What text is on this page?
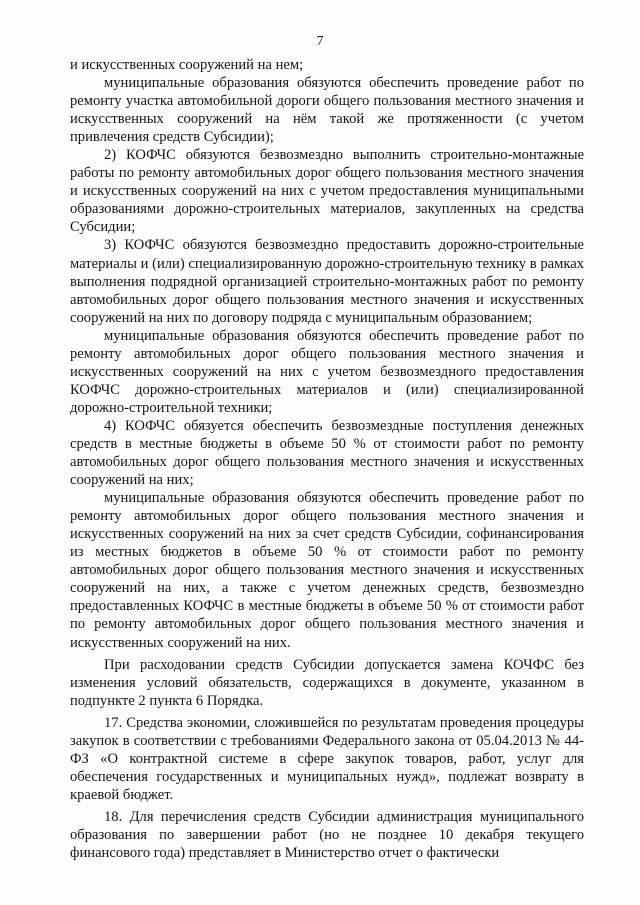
7

и искусственных сооружений на нем;

муниципальные образования обязуются обеспечить проведение работ по ремонту участка автомобильной дороги общего пользования местного значения и искусственных сооружений на нём такой же протяженности (с учетом привлечения средств Субсидии);

2) КОФЧС обязуются безвозмездно выполнить строительно-монтажные работы по ремонту автомобильных дорог общего пользования местного значения и искусственных сооружений на них с учетом предоставления муниципальными образованиями дорожно-строительных материалов, закупленных на средства Субсидии;

3) КОФЧС обязуются безвозмездно предоставить дорожно-строительные материалы и (или) специализированную дорожно-строительную технику в рамках выполнения подрядной организацией строительно-монтажных работ по ремонту автомобильных дорог общего пользования местного значения и искусственных сооружений на них по договору подряда с муниципальным образованием;

муниципальные образования обязуются обеспечить проведение работ по ремонту автомобильных дорог общего пользования местного значения и искусственных сооружений на них с учетом безвозмездного предоставления КОФЧС дорожно-строительных материалов и (или) специализированной дорожно-строительной техники;

4) КОФЧС обязуется обеспечить безвозмездные поступления денежных средств в местные бюджеты в объеме 50 % от стоимости работ по ремонту автомобильных дорог общего пользования местного значения и искусственных сооружений на них;

муниципальные образования обязуются обеспечить проведение работ по ремонту автомобильных дорог общего пользования местного значения и искусственных сооружений на них за счет средств Субсидии, софинансирования из местных бюджетов в объеме 50 % от стоимости работ по ремонту автомобильных дорог общего пользования местного значения и искусственных сооружений на них, а также с учетом денежных средств, безвозмездно предоставленных КОФЧС в местные бюджеты в объеме 50 % от стоимости работ по ремонту автомобильных дорог общего пользования местного значения и искусственных сооружений на них.

При расходовании средств Субсидии допускается замена КОЧФС без изменения условий обязательств, содержащихся в документе, указанном в подпункте 2 пункта 6 Порядка.

17. Средства экономии, сложившейся по результатам проведения процедуры закупок в соответствии с требованиями Федерального закона от 05.04.2013 № 44-ФЗ «О контрактной системе в сфере закупок товаров, работ, услуг для обеспечения государственных и муниципальных нужд», подлежат возврату в краевой бюджет.

18. Для перечисления средств Субсидии администрация муниципального образования по завершении работ (но не позднее 10 декабря текущего финансового года) представляет в Министерство отчет о фактически
